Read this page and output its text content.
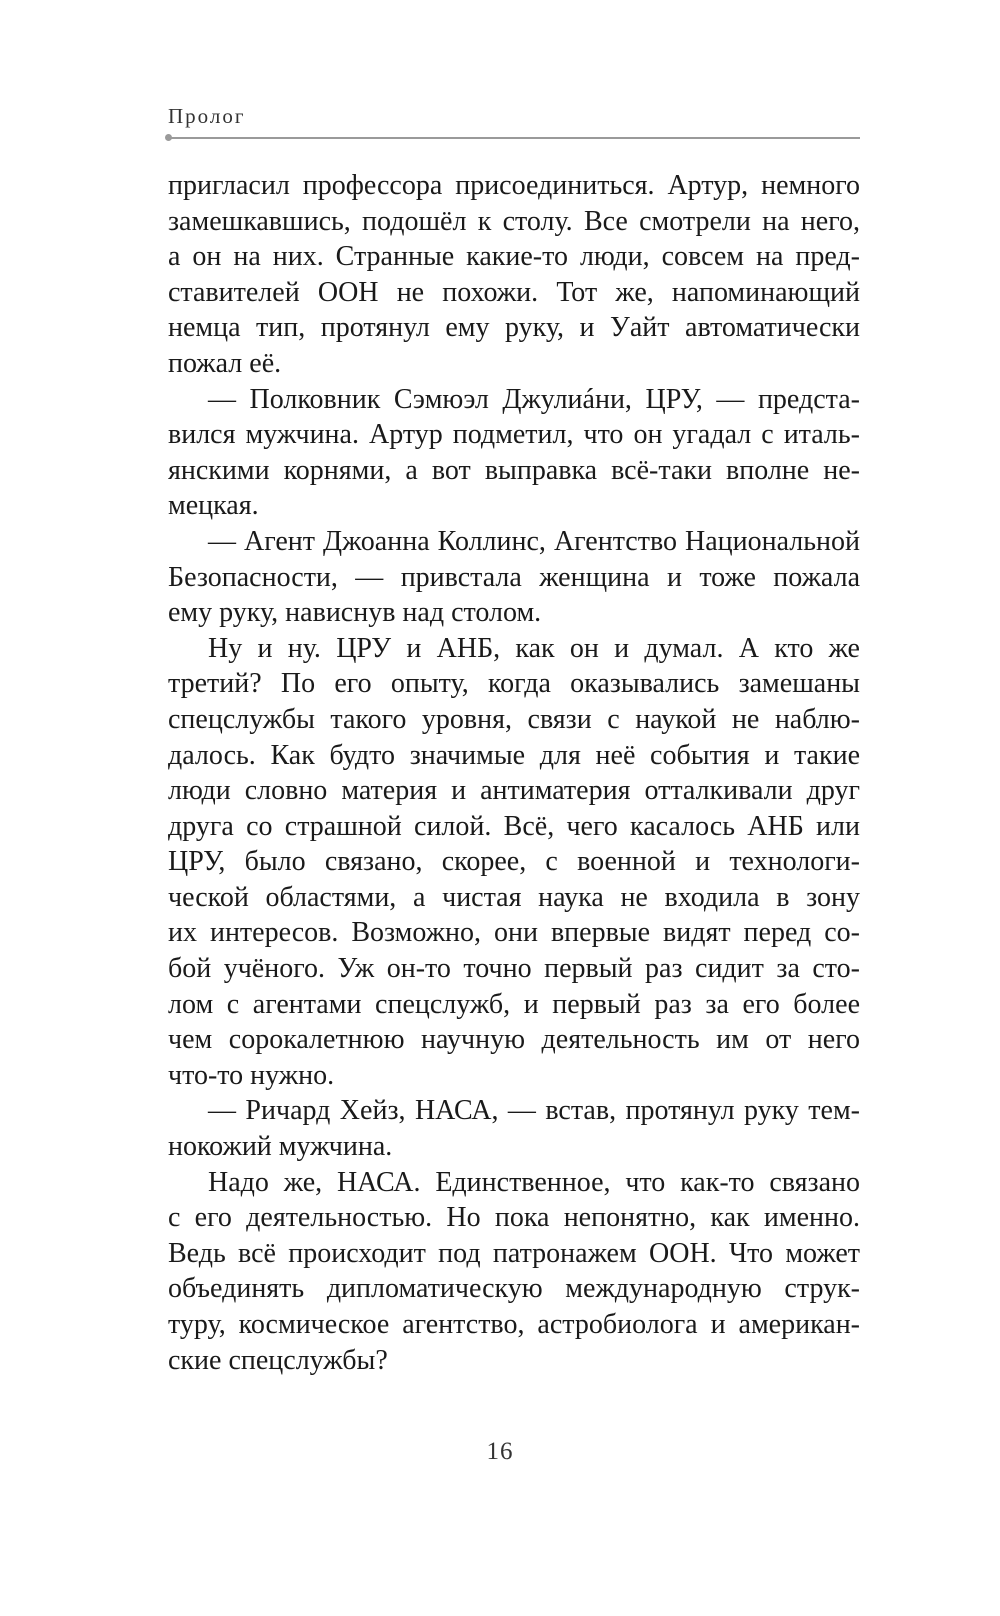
Пролог
пригласил профессора присоединиться. Артур, немного
замешкавшись, подошёл к столу. Все смотрели на него,
а он на них. Странные какие-то люди, совсем на пред-
ставителей ООН не похожи. Тот же, напоминающий
немца тип, протянул ему руку, и Уайт автоматически
пожал её.
— Полковник Сэмюэл Джулиáни, ЦРУ, — предста-
вился мужчина. Артур подметил, что он угадал с италь-
янскими корнями, а вот выправка всё-таки вполне не-
мецкая.
— Агент Джоанна Коллинс, Агентство Национальной
Безопасности, — привстала женщина и тоже пожала
ему руку, нависнув над столом.
Ну и ну. ЦРУ и АНБ, как он и думал. А кто же
третий? По его опыту, когда оказывались замешаны
спецслужбы такого уровня, связи с наукой не наблю-
далось. Как будто значимые для неё события и такие
люди словно материя и антиматерия отталкивали друг
друга со страшной силой. Всё, чего касалось АНБ или
ЦРУ, было связано, скорее, с военной и технологи-
ческой областями, а чистая наука не входила в зону
их интересов. Возможно, они впервые видят перед со-
бой учёного. Уж он-то точно первый раз сидит за сто-
лом с агентами спецслужб, и первый раз за его более
чем сорокалетнюю научную деятельность им от него
что-то нужно.
— Ричард Хейз, НАСА, — встав, протянул руку тем-
нокожий мужчина.
Надо же, НАСА. Единственное, что как-то связано
с его деятельностью. Но пока непонятно, как именно.
Ведь всё происходит под патронажем ООН. Что может
объединять дипломатическую международную струк-
туру, космическое агентство, астробиолога и американ-
ские спецслужбы?
16
